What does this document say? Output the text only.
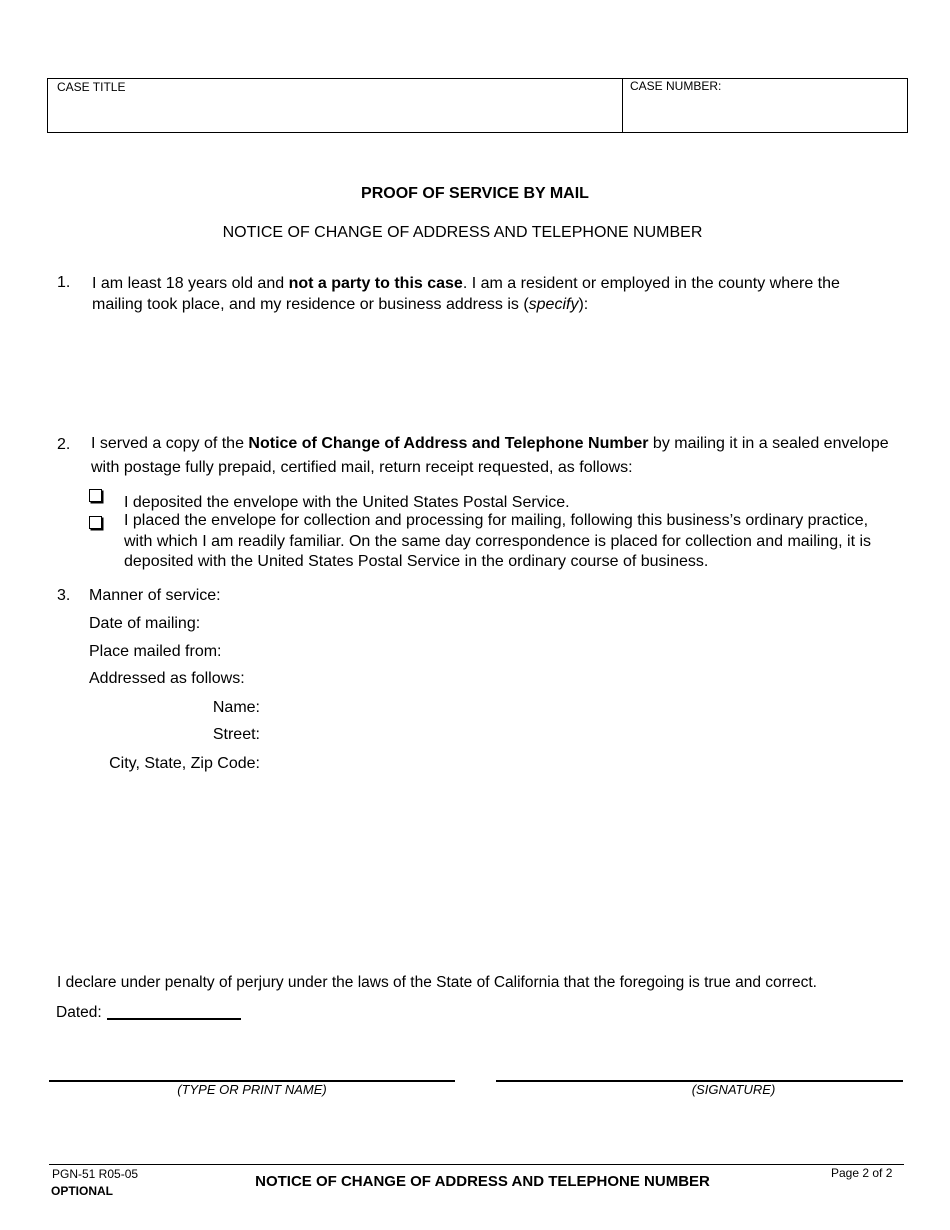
CASE TITLE	CASE NUMBER:
PROOF OF SERVICE BY MAIL
NOTICE OF CHANGE OF ADDRESS AND TELEPHONE NUMBER
1. I am least 18 years old and not a party to this case. I am a resident or employed in the county where the mailing took place, and my residence or business address is (specify):
2. I served a copy of the Notice of Change of Address and Telephone Number by mailing it in a sealed envelope with postage fully prepaid, certified mail, return receipt requested, as follows:
I deposited the envelope with the United States Postal Service.
I placed the envelope for collection and processing for mailing, following this business’s ordinary practice, with which I am readily familiar. On the same day correspondence is placed for collection and mailing, it is deposited with the United States Postal Service in the ordinary course of business.
3. Manner of service:
Date of mailing:
Place mailed from:
Addressed as follows:
Name:
Street:
City, State, Zip Code:
I declare under penalty of perjury under the laws of the State of California that the foregoing is true and correct.
Dated:
(TYPE OR PRINT NAME)	(SIGNATURE)
PGN-51 R05-05
OPTIONAL
NOTICE OF CHANGE OF ADDRESS AND TELEPHONE NUMBER	Page 2 of 2
